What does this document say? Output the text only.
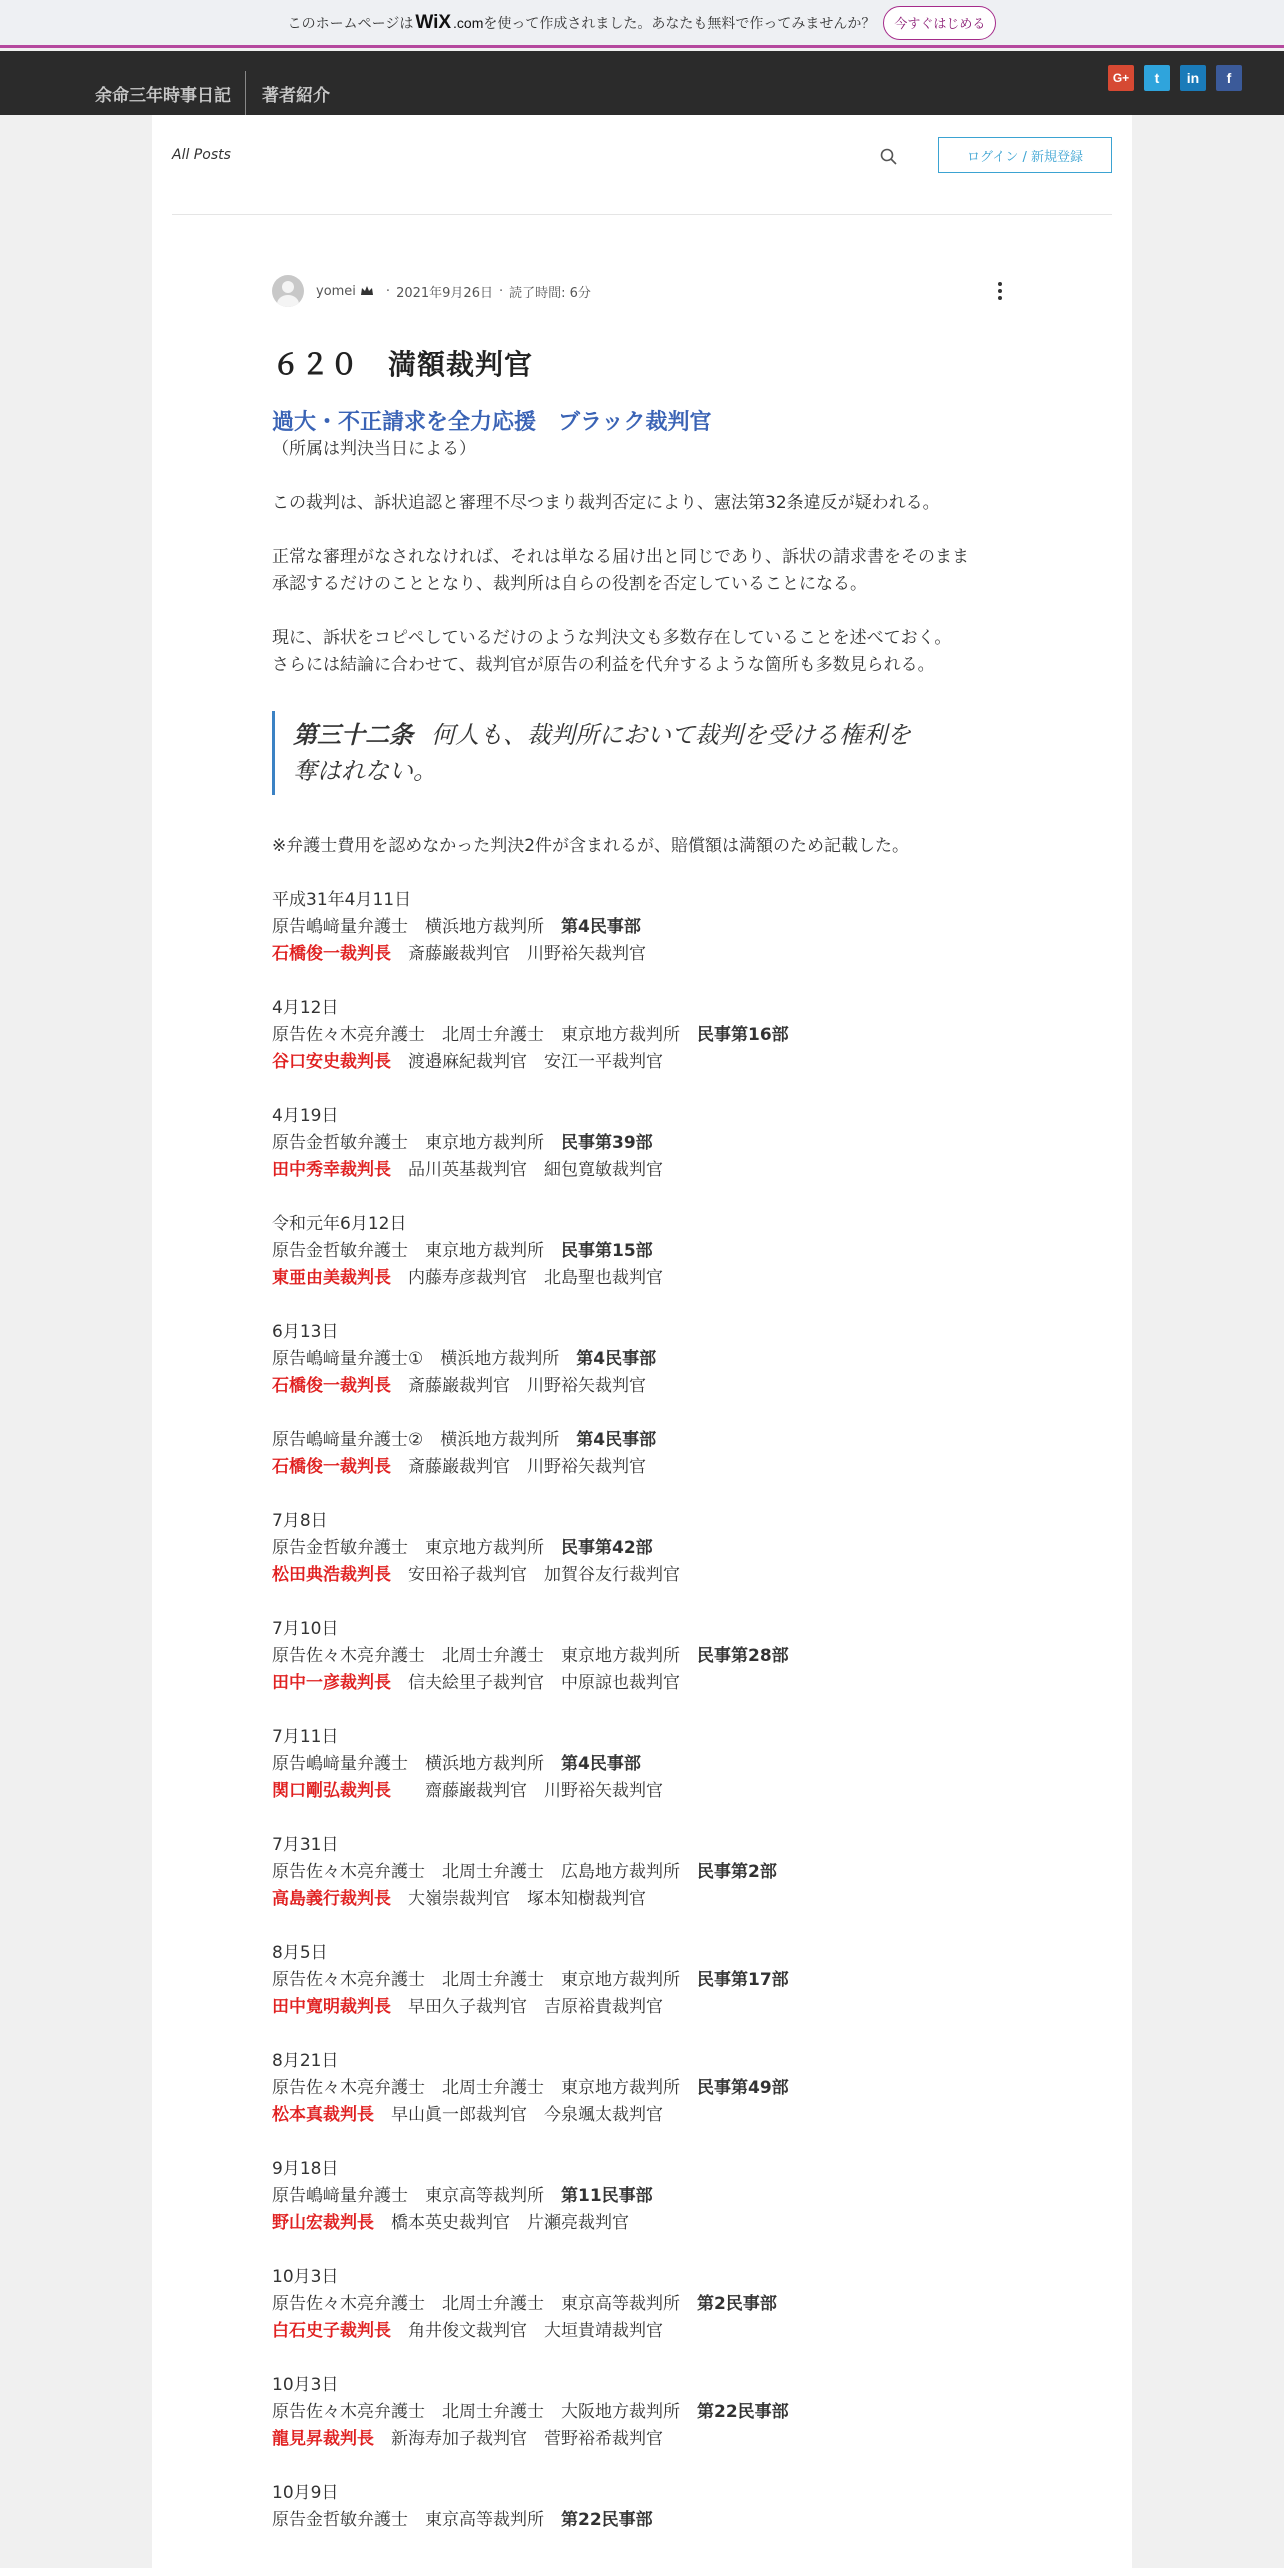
このホームページは WiX .com を使って作成されました。あなたも無料で作ってみませんか？	今すぐはじめる
余命三年時事日記	著者紹介
G+	t	in	f
All Posts	ログイン / 新規登録
yomei · 2021年9月26日 · 読了時間: 6分
６２０　満額裁判官
過大・不正請求を全力応援　ブラック裁判官
（所属は判決当日による）
この裁判は、訴状追認と審理不尽つまり裁判否定により、憲法第32条違反が疑われる。
正常な審理がなされなければ、それは単なる届け出と同じであり、訴状の請求書をそのまま
承認するだけのこととなり、裁判所は自らの役割を否定していることになる。
現に、訴状をコピペしているだけのような判決文も多数存在していることを述べておく。
さらには結論に合わせて、裁判官が原告の利益を代弁するような箇所も多数見られる。
第三十二条 何人も、裁判所において裁判を受ける権利を
奪はれない。
※弁護士費用を認めなかった判決2件が含まれるが、賠償額は満額のため記載した。
平成31年4月11日
原告嶋﨑量弁護士　横浜地方裁判所　第4民事部
石橋俊一裁判長　斎藤巌裁判官　川野裕矢裁判官
4月12日
原告佐々木亮弁護士　北周士弁護士　東京地方裁判所　民事第16部
谷口安史裁判長　渡邉麻紀裁判官　安江一平裁判官
4月19日
原告金哲敏弁護士　東京地方裁判所　民事第39部
田中秀幸裁判長　品川英基裁判官　細包寛敏裁判官
令和元年6月12日
原告金哲敏弁護士　東京地方裁判所　民事第15部
東亜由美裁判長　内藤寿彦裁判官　北島聖也裁判官
6月13日
原告嶋﨑量弁護士①　横浜地方裁判所　第4民事部
石橋俊一裁判長　斎藤巌裁判官　川野裕矢裁判官
原告嶋﨑量弁護士②　横浜地方裁判所　第4民事部
石橋俊一裁判長　斎藤巌裁判官　川野裕矢裁判官
7月8日
原告金哲敏弁護士　東京地方裁判所　民事第42部
松田典浩裁判長　安田裕子裁判官　加賀谷友行裁判官
7月10日
原告佐々木亮弁護士　北周士弁護士　東京地方裁判所　民事第28部
田中一彦裁判長　信夫絵里子裁判官　中原諒也裁判官
7月11日
原告嶋﨑量弁護士　横浜地方裁判所　第4民事部
関口剛弘裁判長　　齋藤巌裁判官　川野裕矢裁判官
7月31日
原告佐々木亮弁護士　北周士弁護士　広島地方裁判所　民事第2部
高島義行裁判長　大嶺崇裁判官　塚本知樹裁判官
8月5日
原告佐々木亮弁護士　北周士弁護士　東京地方裁判所　民事第17部
田中寛明裁判長　早田久子裁判官　吉原裕貴裁判官
8月21日
原告佐々木亮弁護士　北周士弁護士　東京地方裁判所　民事第49部
松本真裁判長　早山眞一郎裁判官　今泉颯太裁判官
9月18日
原告嶋﨑量弁護士　東京高等裁判所　第11民事部
野山宏裁判長　橋本英史裁判官　片瀬亮裁判官
10月3日
原告佐々木亮弁護士　北周士弁護士　東京高等裁判所　第2民事部
白石史子裁判長　角井俊文裁判官　大垣貴靖裁判官
10月3日
原告佐々木亮弁護士　北周士弁護士　大阪地方裁判所　第22民事部
龍見昇裁判長　新海寿加子裁判官　菅野裕希裁判官
10月9日
原告金哲敏弁護士　東京高等裁判所　第22民事部
